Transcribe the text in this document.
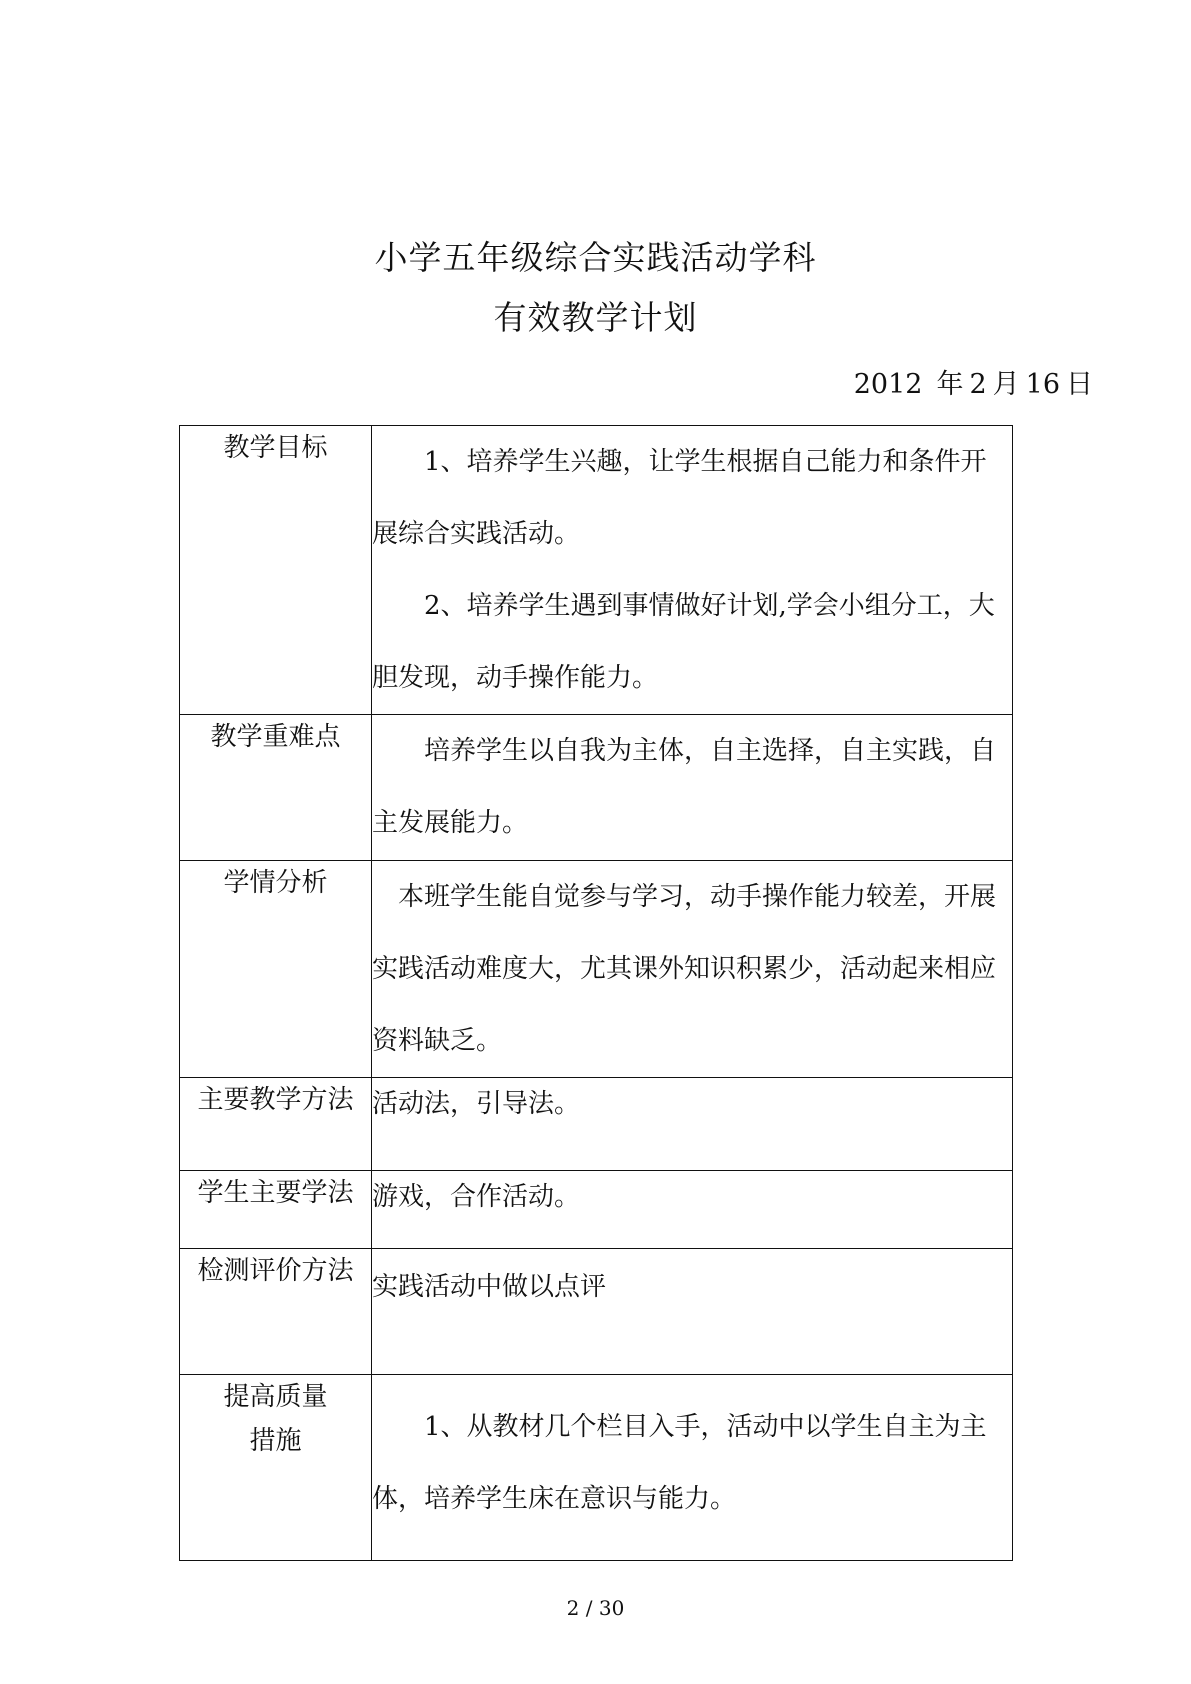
小学五年级综合实践活动学科
有效教学计划
2012 年 2 月 16 日
教学目标	1、培养学生兴趣，让学生根据自己能力和条件开展综合实践活动。

2、培养学生遇到事情做好计划,学会小组分工，大胆发现，动手操作能力。

教学重难点	培养学生以自我为主体，自主选择，自主实践，自主发展能力。

学情分析	本班学生能自觉参与学习，动手操作能力较差，开展实践活动难度大，尤其课外知识积累少，活动起来相应资料缺乏。

主要教学方法	活动法，引导法。

学生主要学法	游戏，合作活动。

检测评价方法	实践活动中做以点评

提高质量
措施	1、从教材几个栏目入手，活动中以学生自主为主体，培养学生床在意识与能力。

2 / 30
